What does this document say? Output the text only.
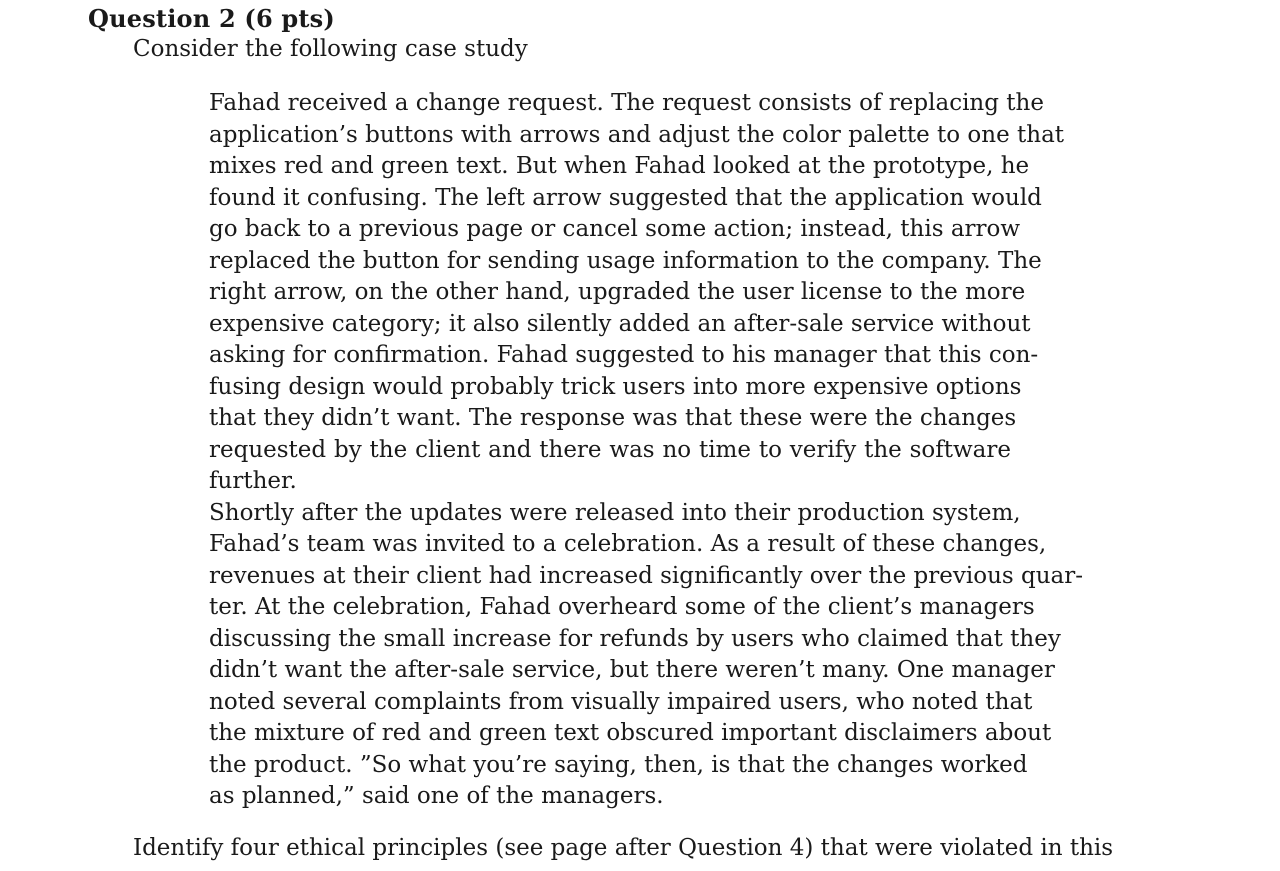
Question 2 (6 pts)
Consider the following case study
Fahad received a change request. The request consists of replacing the
application’s buttons with arrows and adjust the color palette to one that
mixes red and green text. But when Fahad looked at the prototype, he
found it confusing. The left arrow suggested that the application would
go back to a previous page or cancel some action; instead, this arrow
replaced the button for sending usage information to the company. The
right arrow, on the other hand, upgraded the user license to the more
expensive category; it also silently added an after-sale service without
asking for confirmation. Fahad suggested to his manager that this con-
fusing design would probably trick users into more expensive options
that they didn’t want. The response was that these were the changes
requested by the client and there was no time to verify the software
further.
Shortly after the updates were released into their production system,
Fahad’s team was invited to a celebration. As a result of these changes,
revenues at their client had increased significantly over the previous quar-
ter. At the celebration, Fahad overheard some of the client’s managers
discussing the small increase for refunds by users who claimed that they
didn’t want the after-sale service, but there weren’t many. One manager
noted several complaints from visually impaired users, who noted that
the mixture of red and green text obscured important disclaimers about
the product. ”So what you’re saying, then, is that the changes worked
as planned,” said one of the managers.
Identify four ethical principles (see page after Question 4) that were violated in this
